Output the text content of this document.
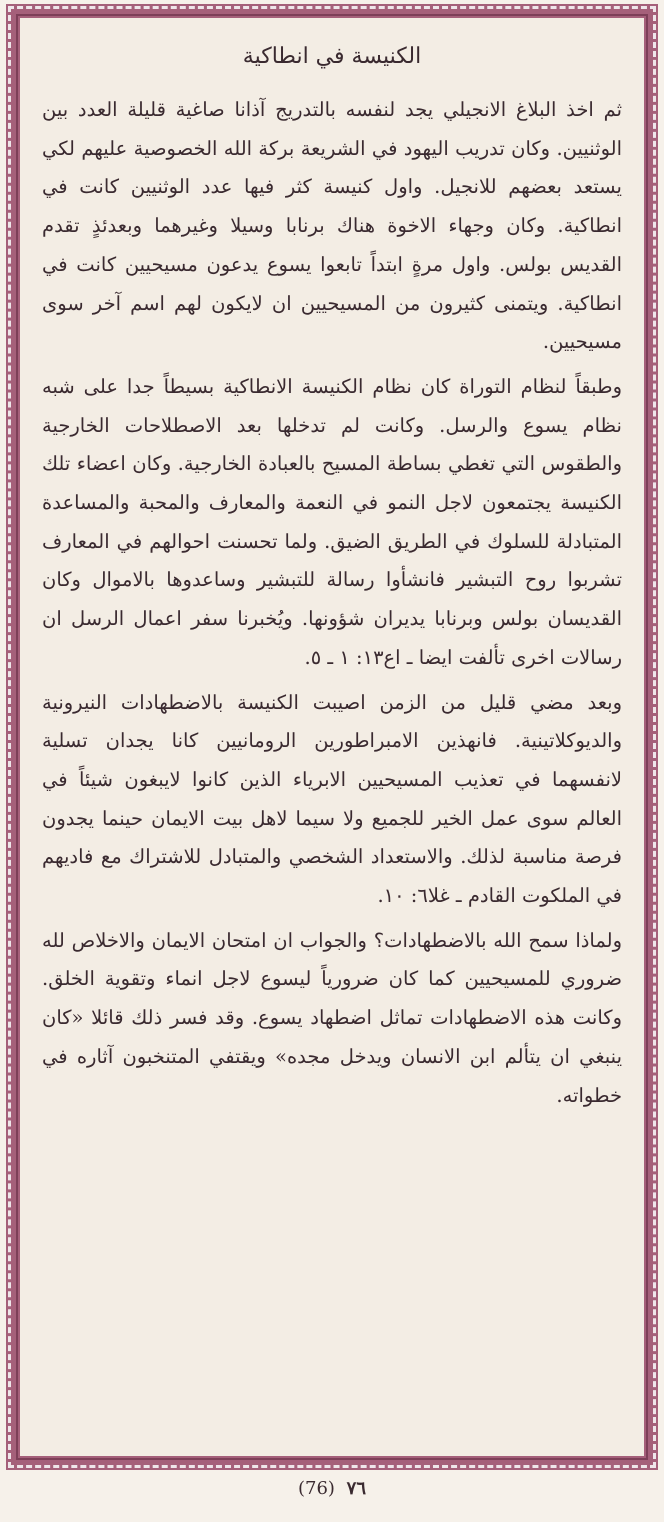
الكنيسة في انطاكية

ثم اخذ البلاغ الانجيلي يجد لنفسه بالتدريج آذانا صاغية قليلة العدد بين الوثنيين. وكان تدريب اليهود في الشريعة بركة الله الخصوصية عليهم لكي يستعد بعضهم للانجيل. واول كنيسة كثر فيها عدد الوثنيين كانت في انطاكية. وكان وجهاء الاخوة هناك برنابا وسيلا وغيرهما وبعدئذٍ تقدم القديس بولس. واول مرةٍ ابتداً تابعوا يسوع يدعون مسيحيين كانت في انطاكية. ويتمنى كثيرون من المسيحيين ان لايكون لهم اسم آخر سوى مسيحيين.

وطبقاً لنظام التوراة كان نظام الكنيسة الانطاكية بسيطاً جدا على شبه نظام يسوع والرسل. وكانت لم تدخلها بعد الاصطلاحات الخارجية والطقوس التي تغطي بساطة المسيح بالعبادة الخارجية. وكان اعضاء تلك الكنيسة يجتمعون لاجل النمو في النعمة والمعارف والمحبة والمساعدة المتبادلة للسلوك في الطريق الضيق. ولما تحسنت احوالهم في المعارف تشربوا روح التبشير فانشأوا رسالة للتبشير وساعدوها بالاموال وكان القديسان بولس وبرنابا يديران شؤونها. ويُخبرنا سفر اعمال الرسل ان رسالات اخرى تألفت ايضا ـ اع١٣: ١ ـ ٥.

وبعد مضي قليل من الزمن اصيبت الكنيسة بالاضطهادات النيرونية والديوكلاتينية. فانهذين الامبراطورين الرومانيين كانا يجدان تسلية لانفسهما في تعذيب المسيحيين الابرياء الذين كانوا لايبغون شيئاً في العالم سوى عمل الخير للجميع ولا سيما لاهل بيت الايمان حينما يجدون فرصة مناسبة لذلك. والاستعداد الشخصي والمتبادل للاشتراك مع فاديهم في الملكوت القادم ـ غلا٦: ١٠.

ولماذا سمح الله بالاضطهادات؟ والجواب ان امتحان الايمان والاخلاص لله ضروري للمسيحيين كما كان ضرورياً ليسوع لاجل انماء وتقوية الخلق. وكانت هذه الاضطهادات تماثل اضطهاد يسوع. وقد فسر ذلك قائلا «كان ينبغي ان يتألم ابن الانسان ويدخل مجده» ويقتفي المتنخبون آثاره في خطواته.

(76) ٧٦
